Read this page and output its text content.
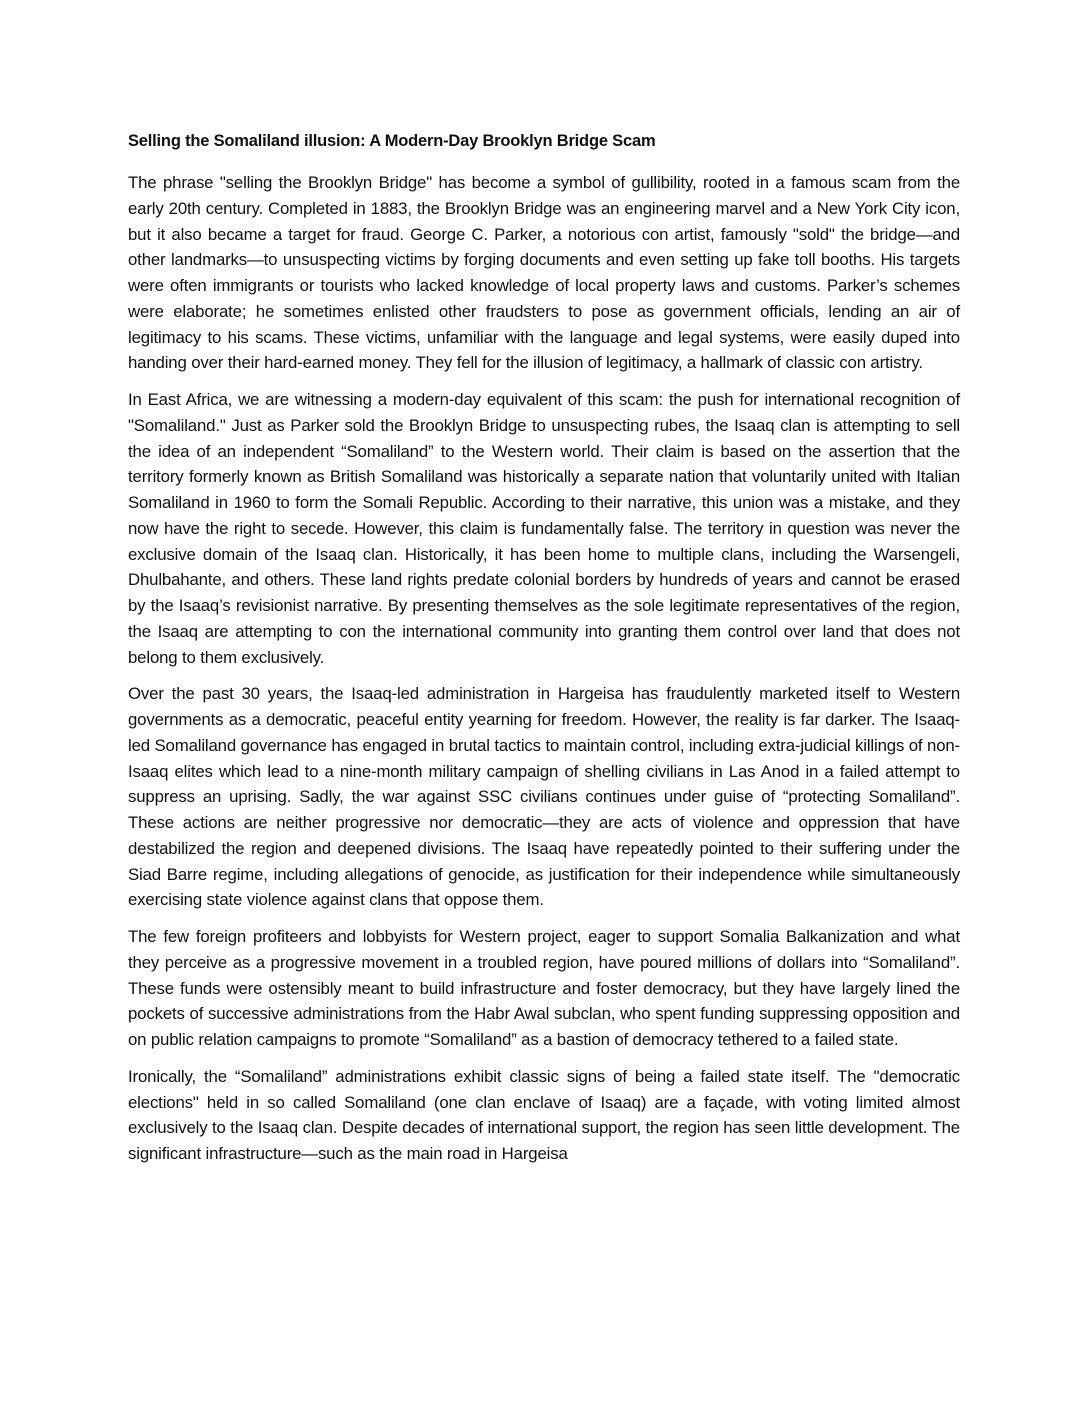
Selling the Somaliland illusion: A Modern-Day Brooklyn Bridge Scam

The phrase "selling the Brooklyn Bridge" has become a symbol of gullibility, rooted in a famous scam from the early 20th century. Completed in 1883, the Brooklyn Bridge was an engineering marvel and a New York City icon, but it also became a target for fraud. George C. Parker, a notorious con artist, famously "sold" the bridge—and other landmarks—to unsuspecting victims by forging documents and even setting up fake toll booths. His targets were often immigrants or tourists who lacked knowledge of local property laws and customs. Parker’s schemes were elaborate; he sometimes enlisted other fraudsters to pose as government officials, lending an air of legitimacy to his scams. These victims, unfamiliar with the language and legal systems, were easily duped into handing over their hard-earned money. They fell for the illusion of legitimacy, a hallmark of classic con artistry.

In East Africa, we are witnessing a modern-day equivalent of this scam: the push for international recognition of "Somaliland." Just as Parker sold the Brooklyn Bridge to unsuspecting rubes, the Isaaq clan is attempting to sell the idea of an independent “Somaliland” to the Western world. Their claim is based on the assertion that the territory formerly known as British Somaliland was historically a separate nation that voluntarily united with Italian Somaliland in 1960 to form the Somali Republic. According to their narrative, this union was a mistake, and they now have the right to secede. However, this claim is fundamentally false. The territory in question was never the exclusive domain of the Isaaq clan. Historically, it has been home to multiple clans, including the Warsengeli, Dhulbahante, and others. These land rights predate colonial borders by hundreds of years and cannot be erased by the Isaaq’s revisionist narrative. By presenting themselves as the sole legitimate representatives of the region, the Isaaq are attempting to con the international community into granting them control over land that does not belong to them exclusively.

Over the past 30 years, the Isaaq-led administration in Hargeisa has fraudulently marketed itself to Western governments as a democratic, peaceful entity yearning for freedom. However, the reality is far darker. The Isaaq-led Somaliland governance has engaged in brutal tactics to maintain control, including extra-judicial killings of non-Isaaq elites which lead to a nine-month military campaign of shelling civilians in Las Anod in a failed attempt to suppress an uprising. Sadly, the war against SSC civilians continues under guise of “protecting Somaliland”. These actions are neither progressive nor democratic—they are acts of violence and oppression that have destabilized the region and deepened divisions. The Isaaq have repeatedly pointed to their suffering under the Siad Barre regime, including allegations of genocide, as justification for their independence while simultaneously exercising state violence against clans that oppose them.

The few foreign profiteers and lobbyists for Western project, eager to support Somalia Balkanization and what they perceive as a progressive movement in a troubled region, have poured millions of dollars into “Somaliland”. These funds were ostensibly meant to build infrastructure and foster democracy, but they have largely lined the pockets of successive administrations from the Habr Awal subclan, who spent funding suppressing opposition and on public relation campaigns to promote “Somaliland” as a bastion of democracy tethered to a failed state.

Ironically, the “Somaliland” administrations exhibit classic signs of being a failed state itself. The "democratic elections" held in so called Somaliland (one clan enclave of Isaaq) are a façade, with voting limited almost exclusively to the Isaaq clan. Despite decades of international support, the region has seen little development. The significant infrastructure—such as the main road in Hargeisa
